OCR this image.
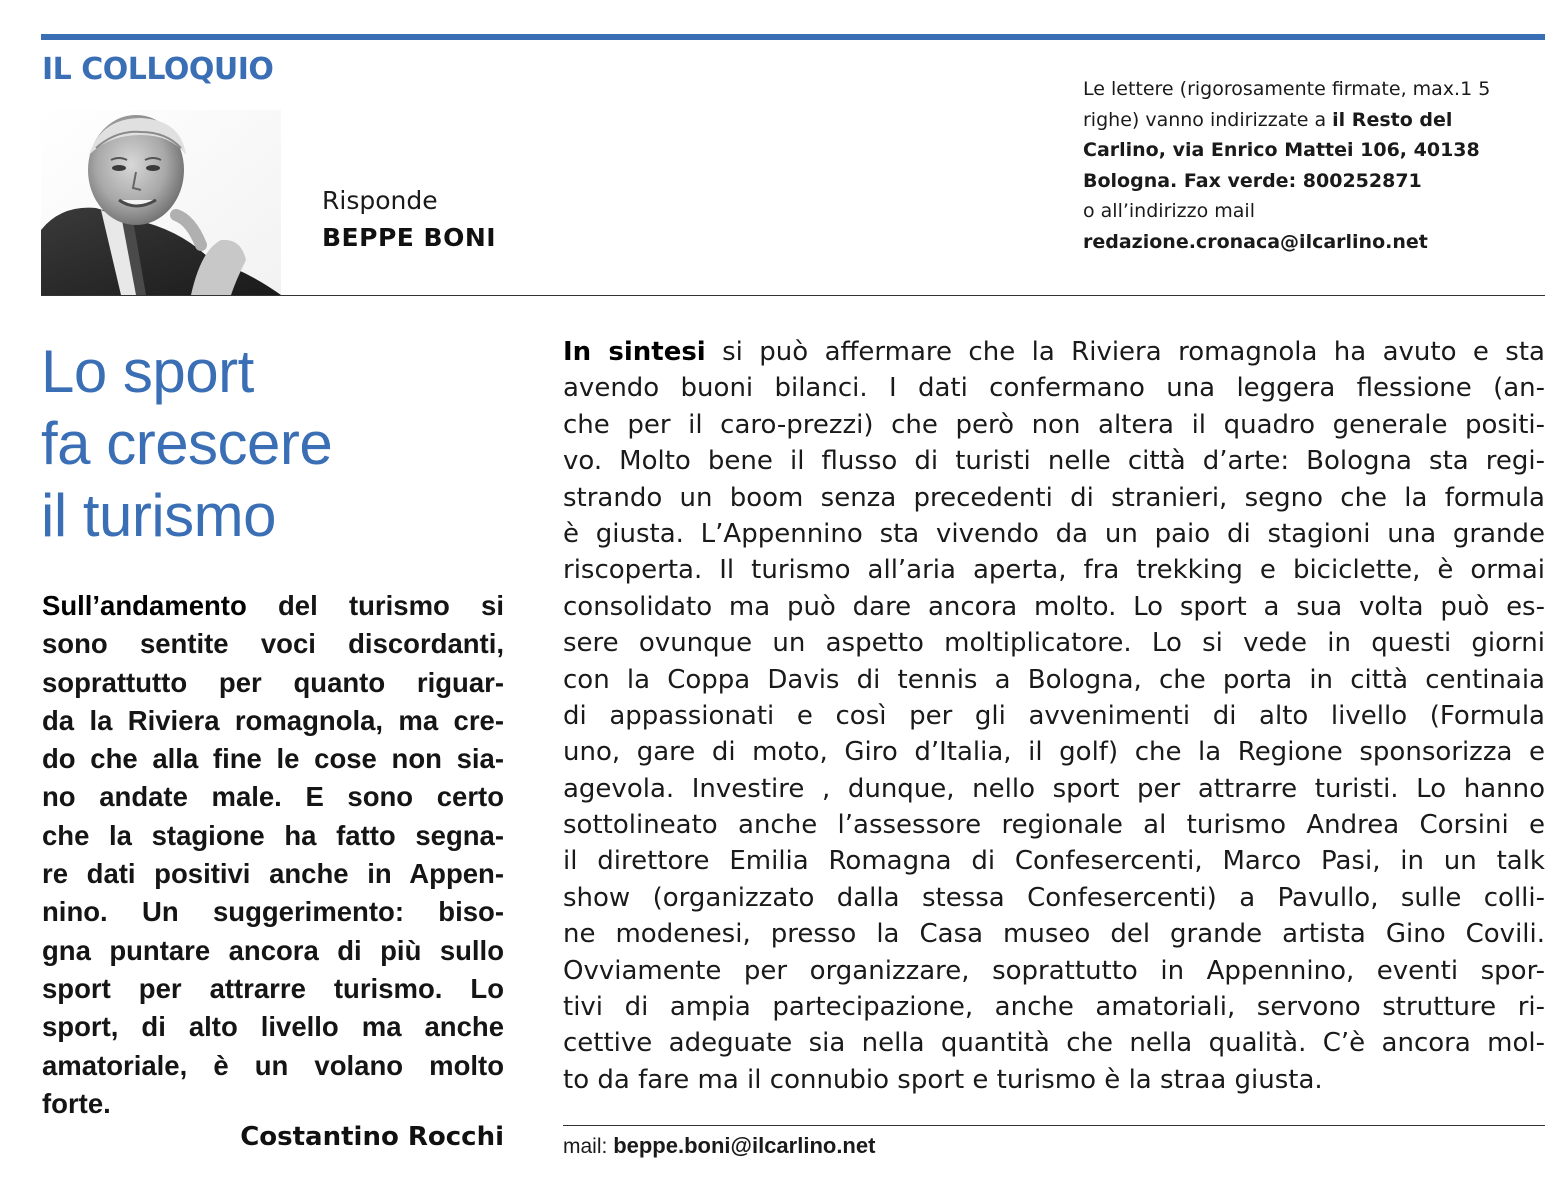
IL COLLOQUIO
Risponde
BEPPE BONI
Le lettere (rigorosamente firmate, max.1 5
righe) vanno indirizzate a il Resto del
Carlino, via Enrico Mattei 106, 40138
Bologna. Fax verde: 800252871
o all’indirizzo mail
redazione.cronaca@ilcarlino.net
Lo sport
fa crescere
il turismo
Sull’andamento del turismo si
sono sentite voci discordanti,
soprattutto per quanto riguar-
da la Riviera romagnola, ma cre-
do che alla fine le cose non sia-
no andate male. E sono certo
che la stagione ha fatto segna-
re dati positivi anche in Appen-
nino. Un suggerimento: biso-
gna puntare ancora di più sullo
sport per attrarre turismo. Lo
sport, di alto livello ma anche
amatoriale, è un volano molto
forte.
Costantino Rocchi
In sintesi si può affermare che la Riviera romagnola ha avuto e sta
avendo buoni bilanci. I dati confermano una leggera flessione (an-
che per il caro-prezzi) che però non altera il quadro generale positi-
vo. Molto bene il flusso di turisti nelle città d’arte: Bologna sta regi-
strando un boom senza precedenti di stranieri, segno che la formula
è giusta. L’Appennino sta vivendo da un paio di stagioni una grande
riscoperta. Il turismo all’aria aperta, fra trekking e biciclette, è ormai
consolidato ma può dare ancora molto. Lo sport a sua volta può es-
sere ovunque un aspetto moltiplicatore. Lo si vede in questi giorni
con la Coppa Davis di tennis a Bologna, che porta in città centinaia
di appassionati e così per gli avvenimenti di alto livello (Formula
uno, gare di moto, Giro d’Italia, il golf) che la Regione sponsorizza e
agevola. Investire , dunque, nello sport per attrarre turisti. Lo hanno
sottolineato anche l’assessore regionale al turismo Andrea Corsini e
il direttore Emilia Romagna di Confesercenti, Marco Pasi, in un talk
show (organizzato dalla stessa Confesercenti) a Pavullo, sulle colli-
ne modenesi, presso la Casa museo del grande artista Gino Covili.
Ovviamente per organizzare, soprattutto in Appennino, eventi spor-
tivi di ampia partecipazione, anche amatoriali, servono strutture ri-
cettive adeguate sia nella quantità che nella qualità. C’è ancora mol-
to da fare ma il connubio sport e turismo è la straa giusta.
mail: beppe.boni@ilcarlino.net
